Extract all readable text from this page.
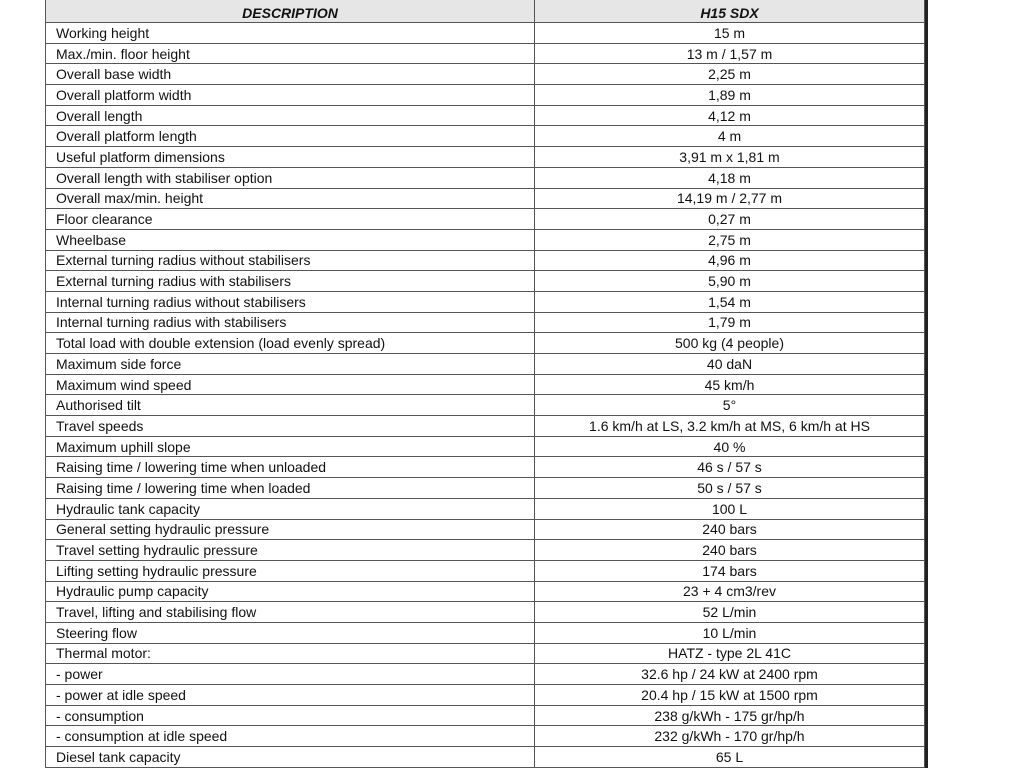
DESCRIPTION	H15 SDX
Working height	15 m
Max./min. floor height	13 m / 1,57 m
Overall base width	2,25 m
Overall platform width	1,89 m
Overall length	4,12 m
Overall platform length	4 m
Useful platform dimensions	3,91 m x 1,81 m
Overall length with stabiliser option	4,18 m
Overall max/min. height	14,19 m / 2,77 m
Floor clearance	0,27 m
Wheelbase	2,75 m
External turning radius without stabilisers	4,96 m
External turning radius with stabilisers	5,90 m
Internal turning radius without stabilisers	1,54 m
Internal turning radius with stabilisers	1,79 m
Total load with double extension (load evenly spread)	500 kg (4 people)
Maximum side force	40 daN
Maximum wind speed	45 km/h
Authorised tilt	5°
Travel speeds	1.6 km/h at LS, 3.2 km/h at MS, 6 km/h at HS
Maximum uphill slope	40 %
Raising time / lowering time when unloaded	46 s / 57 s
Raising time / lowering time when loaded	50 s / 57 s
Hydraulic tank capacity	100 L
General setting hydraulic pressure	240 bars
Travel setting hydraulic pressure	240 bars
Lifting setting hydraulic pressure	174 bars
Hydraulic pump capacity	23 + 4 cm3/rev
Travel, lifting and stabilising flow	52 L/min
Steering flow	10 L/min
Thermal motor:	HATZ - type 2L 41C
- power	32.6 hp / 24 kW at 2400 rpm
- power at idle speed	20.4 hp / 15 kW at 1500 rpm
- consumption	238 g/kWh - 175 gr/hp/h
- consumption at idle speed	232 g/kWh - 170 gr/hp/h
Diesel tank capacity	65 L
